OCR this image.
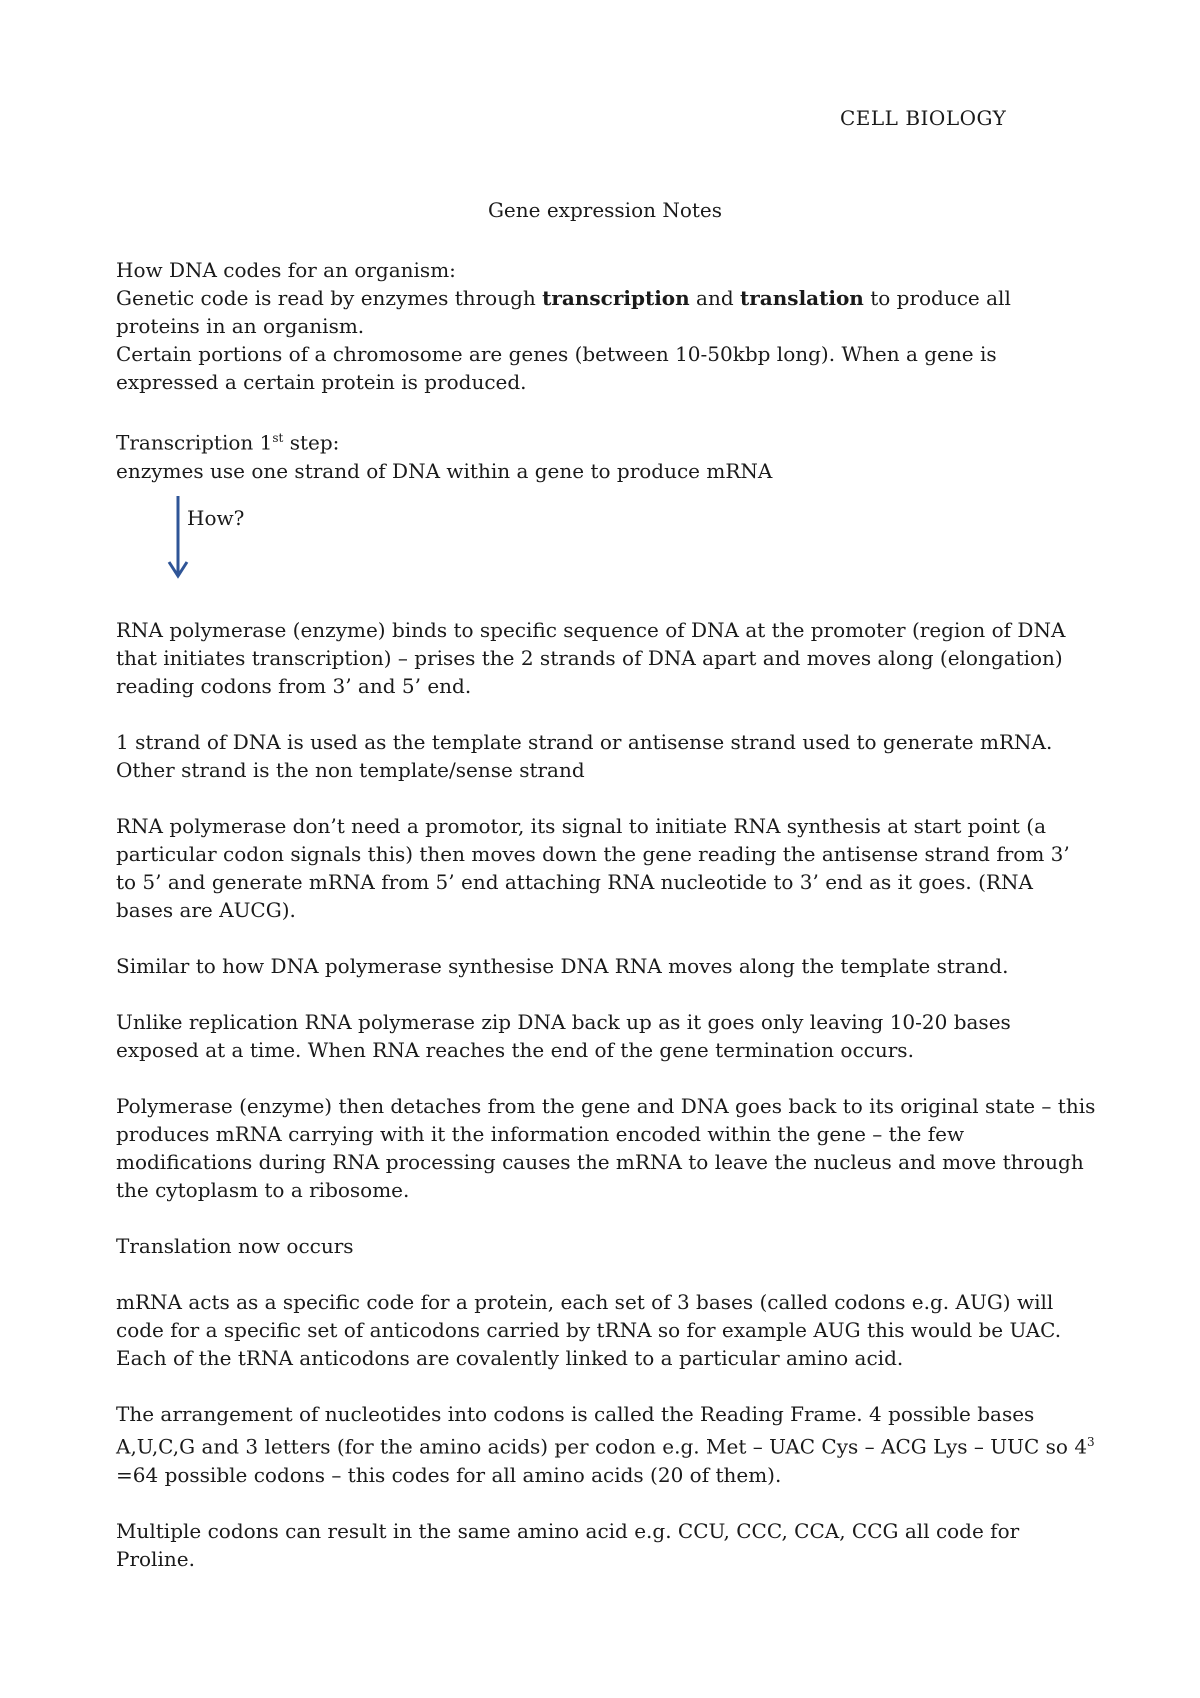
CELL BIOLOGY
Gene expression Notes

How DNA codes for an organism:

Genetic code is read by enzymes through transcription and translation to produce all proteins in an organism.

Certain portions of a chromosome are genes (between 10-50kbp long). When a gene is expressed a certain protein is produced.

Transcription 1st step:

enzymes use one strand of DNA within a gene to produce mRNA

How?

RNA polymerase (enzyme) binds to specific sequence of DNA at the promoter (region of DNA that initiates transcription) – prises the 2 strands of DNA apart and moves along (elongation) reading codons from 3’ and 5’ end.

1 strand of DNA is used as the template strand or antisense strand used to generate mRNA. Other strand is the non template/sense strand

RNA polymerase don’t need a promotor, its signal to initiate RNA synthesis at start point (a particular codon signals this) then moves down the gene reading the antisense strand from 3’ to 5’ and generate mRNA from 5’ end attaching RNA nucleotide to 3’ end as it goes. (RNA bases are AUCG).

Similar to how DNA polymerase synthesise DNA RNA moves along the template strand.

Unlike replication RNA polymerase zip DNA back up as it goes only leaving 10-20 bases exposed at a time. When RNA reaches the end of the gene termination occurs.

Polymerase (enzyme) then detaches from the gene and DNA goes back to its original state – this produces mRNA carrying with it the information encoded within the gene – the few modifications during RNA processing causes the mRNA to leave the nucleus and move through the cytoplasm to a ribosome.

Translation now occurs

mRNA acts as a specific code for a protein, each set of 3 bases (called codons e.g. AUG) will code for a specific set of anticodons carried by tRNA so for example AUG this would be UAC. Each of the tRNA anticodons are covalently linked to a particular amino acid.

The arrangement of nucleotides into codons is called the Reading Frame. 4 possible bases A,U,C,G and 3 letters (for the amino acids) per codon e.g. Met – UAC Cys – ACG Lys – UUC so $4^3 =64$ possible codons – this codes for all amino acids (20 of them).

Multiple codons can result in the same amino acid e.g. CCU, CCC, CCA, CCG all code for Proline.
